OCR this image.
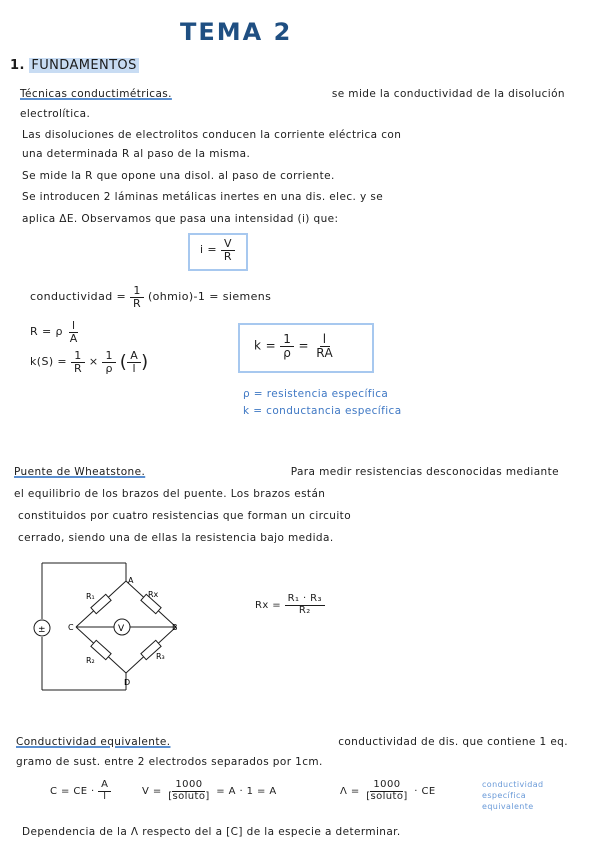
TEMA 2
1. FUNDAMENTOS
Técnicas conductimétricas.	se mide la conductividad de la disolución
electrolítica.
Las disoluciones de electrolitos conducen la corriente eléctrica con
una determinada R al paso de la misma.
Se mide la R que opone una disol. al paso de corriente.
Se introducen 2 láminas metálicas inertes en una dis. elec. y se
aplica ΔE. Observamos que pasa una intensidad (i) que:
$i = \frac{V}{R}$
conductividad = $\frac{1}{R}$ (ohmio)-1 = siemens
R = ρ $\frac{l}{A}$
$k(S) = \frac{1}{R} \times \frac{1}{\rho}$ ( $\frac{A}{l}$ )
$k = \frac{1}{\rho} = \frac{l}{RA}$
ρ = resistencia específica
k = conductancia específica
Puente de Wheatstone.	Para medir resistencias desconocidas mediante
el equilibrio de los brazos del puente. Los brazos están
constituidos por cuatro resistencias que forman un circuito
cerrado, siendo una de ellas la resistencia bajo medida.
±	V
A
B
C
D
R₁	Rx
R₂	R₃
$Rx = \frac{\text{R₁ · R₃}}{\text{R₂}}$
Conductividad equivalente.	conductividad de dis. que contiene 1 eq.
gramo de sust. entre 2 electrodos separados por 1cm.
C = CE · $\frac{A}{l}$	$V = \frac{1000}{\text{[soluto]}} = A \cdot 1 = A$	$\Lambda = \frac{1000}{\text{[soluto]}}$ · CE
conductividad
específica
equivalente
Dependencia de la Λ respecto del a [C] de la especie a determinar.
